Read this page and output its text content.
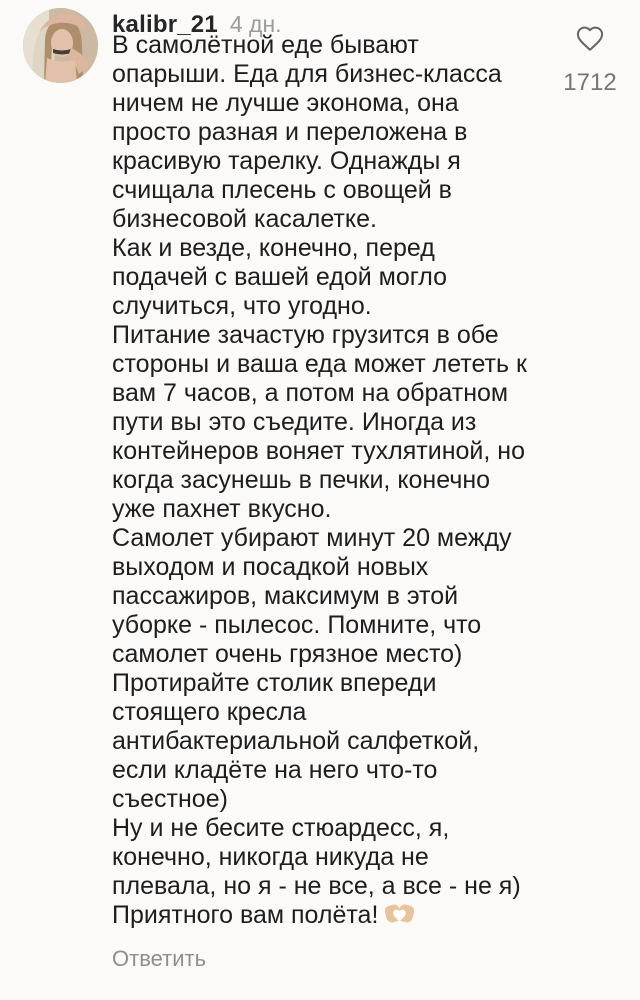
kalibr_21 4 дн.
В самолётной еде бывают
опарыши. Еда для бизнес-класса
ничем не лучше эконома, она
просто разная и переложена в
красивую тарелку. Однажды я
счищала плесень с овощей в
бизнесовой касалетке.
Как и везде, конечно, перед
подачей с вашей едой могло
случиться, что угодно.
Питание зачастую грузится в обе
стороны и ваша еда может лететь к
вам 7 часов, а потом на обратном
пути вы это съедите. Иногда из
контейнеров воняет тухлятиной, но
когда засунешь в печки, конечно
уже пахнет вкусно.
Самолет убирают минут 20 между
выходом и посадкой новых
пассажиров, максимум в этой
уборке - пылесос. Помните, что
самолет очень грязное место)
Протирайте столик впереди
стоящего кресла
антибактериальной салфеткой,
если кладёте на него что-то
съестное)
Ну и не бесите стюардесс, я,
конечно, никогда никуда не
плевала, но я - не все, а все - не я)
Приятного вам полёта!
Ответить
1712
